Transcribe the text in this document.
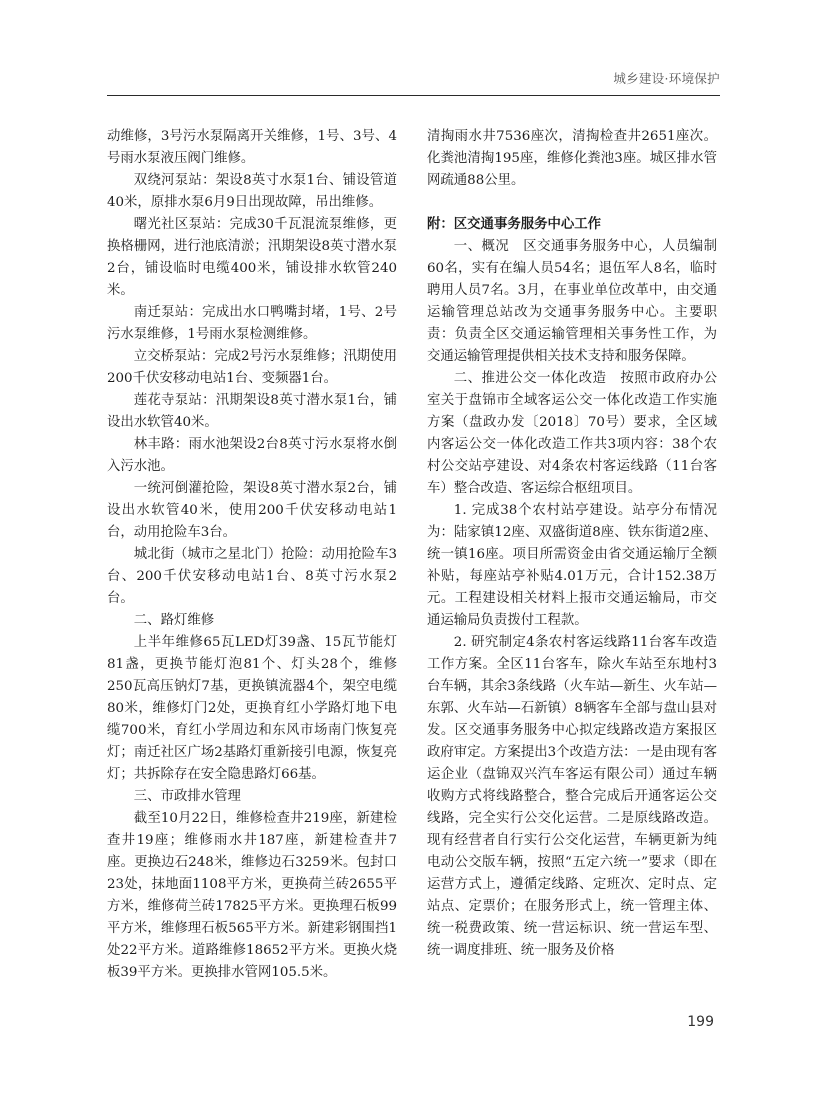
城乡建设·环境保护

动维修，3号污水泵隔离开关维修，1号、3号、4号雨水泵液压阀门维修。

双绕河泵站：架设8英寸水泵1台、铺设管道40米，原排水泵6月9日出现故障，吊出维修。

曙光社区泵站：完成30千瓦混流泵维修，更换格栅网，进行池底清淤；汛期架设8英寸潜水泵2台，铺设临时电缆400米，铺设排水软管240米。

南迁泵站：完成出水口鸭嘴封堵，1号、2号污水泵维修，1号雨水泵检测维修。

立交桥泵站：完成2号污水泵维修；汛期使用200千伏安移动电站1台、变频器1台。

莲花寺泵站：汛期架设8英寸潜水泵1台，铺设出水软管40米。

林丰路：雨水池架设2台8英寸污水泵将水倒入污水池。

一统河倒灌抢险，架设8英寸潜水泵2台，铺设出水软管40米，使用200千伏安移动电站1台，动用抢险车3台。

城北街（城市之星北门）抢险：动用抢险车3台、200千伏安移动电站1台、8英寸污水泵2台。

二、路灯维修

上半年维修65瓦LED灯39盏、15瓦节能灯81盏，更换节能灯泡81个、灯头28个，维修250瓦高压钠灯7基，更换镇流器4个，架空电缆80米，维修灯门2处，更换育红小学路灯地下电缆700米，育红小学周边和东风市场南门恢复亮灯；南迁社区广场2基路灯重新接引电源，恢复亮灯；共拆除存在安全隐患路灯66基。

三、市政排水管理

截至10月22日，维修检查井219座，新建检查井19座；维修雨水井187座，新建检查井7座。更换边石248米，维修边石3259米。包封口23处，抹地面1108平方米，更换荷兰砖2655平方米，维修荷兰砖17825平方米。更换理石板99平方米，维修理石板565平方米。新建彩钢围挡1处22平方米。道路维修18652平方米。更换火烧板39平方米。更换排水管网105.5米。

清掏雨水井7536座次，清掏检查井2651座次。化粪池清掏195座，维修化粪池3座。城区排水管网疏通88公里。

附：区交通事务服务中心工作

一、概况　区交通事务服务中心，人员编制60名，实有在编人员54名；退伍军人8名，临时聘用人员7名。3月，在事业单位改革中，由交通运输管理总站改为交通事务服务中心。主要职责：负责全区交通运输管理相关事务性工作，为交通运输管理提供相关技术支持和服务保障。

二、推进公交一体化改造　按照市政府办公室关于盘锦市全域客运公交一体化改造工作实施方案（盘政办发〔2018〕70号）要求，全区域内客运公交一体化改造工作共3项内容：38个农村公交站亭建设、对4条农村客运线路（11台客车）整合改造、客运综合枢纽项目。

1. 完成38个农村站亭建设。站亭分布情况为：陆家镇12座、双盛街道8座、铁东街道2座、统一镇16座。项目所需资金由省交通运输厅全额补贴，每座站亭补贴4.01万元，合计152.38万元。工程建设相关材料上报市交通运输局，市交通运输局负责拨付工程款。

2. 研究制定4条农村客运线路11台客车改造工作方案。全区11台客车，除火车站至东地村3台车辆，其余3条线路（火车站—新生、火车站—东郭、火车站—石新镇）8辆客车全部与盘山县对发。区交通事务服务中心拟定线路改造方案报区政府审定。方案提出3个改造方法：一是由现有客运企业（盘锦双兴汽车客运有限公司）通过车辆收购方式将线路整合，整合完成后开通客运公交线路，完全实行公交化运营。二是原线路改造。现有经营者自行实行公交化运营，车辆更新为纯电动公交版车辆，按照“五定六统一”要求（即在运营方式上，遵循定线路、定班次、定时点、定站点、定票价；在服务形式上，统一管理主体、统一税费政策、统一营运标识、统一营运车型、统一调度排班、统一服务及价格

199
